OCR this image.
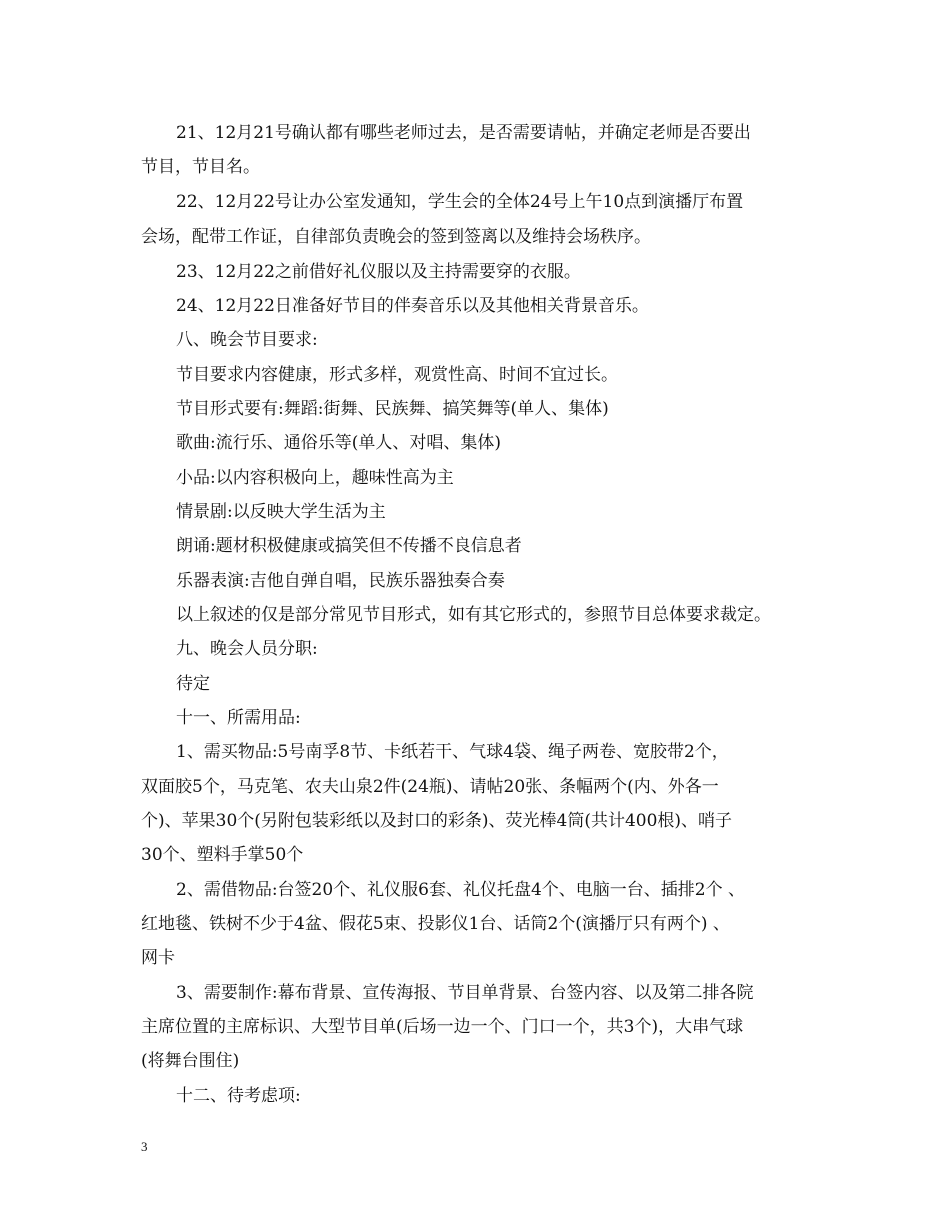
21、12月21号确认都有哪些老师过去，是否需要请帖，并确定老师是否要出
节目，节目名。
22、12月22号让办公室发通知，学生会的全体24号上午10点到演播厅布置
会场，配带工作证，自律部负责晚会的签到签离以及维持会场秩序。
23、12月22之前借好礼仪服以及主持需要穿的衣服。
24、12月22日准备好节目的伴奏音乐以及其他相关背景音乐。
八、晚会节目要求:
节目要求内容健康，形式多样，观赏性高、时间不宜过长。
节目形式要有:舞蹈:街舞、民族舞、搞笑舞等(单人、集体)
歌曲:流行乐、通俗乐等(单人、对唱、集体)
小品:以内容积极向上，趣味性高为主
情景剧:以反映大学生活为主
朗诵:题材积极健康或搞笑但不传播不良信息者
乐器表演:吉他自弹自唱，民族乐器独奏合奏
以上叙述的仅是部分常见节目形式，如有其它形式的，参照节目总体要求裁定。
九、晚会人员分职:
待定
十一、所需用品:
1、需买物品:5号南孚8节、卡纸若干、气球4袋、绳子两卷、宽胶带2个，
双面胶5个，马克笔、农夫山泉2件(24瓶)、请帖20张、条幅两个(内、外各一
个)、苹果30个(另附包装彩纸以及封口的彩条)、荧光棒4筒(共计400根)、哨子
30个、塑料手掌50个
2、需借物品:台签20个、礼仪服6套、礼仪托盘4个、电脑一台、插排2个 、
红地毯、铁树不少于4盆、假花5束、投影仪1台、话筒2个(演播厅只有两个) 、
网卡
3、需要制作:幕布背景、宣传海报、节目单背景、台签内容、以及第二排各院
主席位置的主席标识、大型节目单(后场一边一个、门口一个，共3个)，大串气球
(将舞台围住)
十二、待考虑项:
3
